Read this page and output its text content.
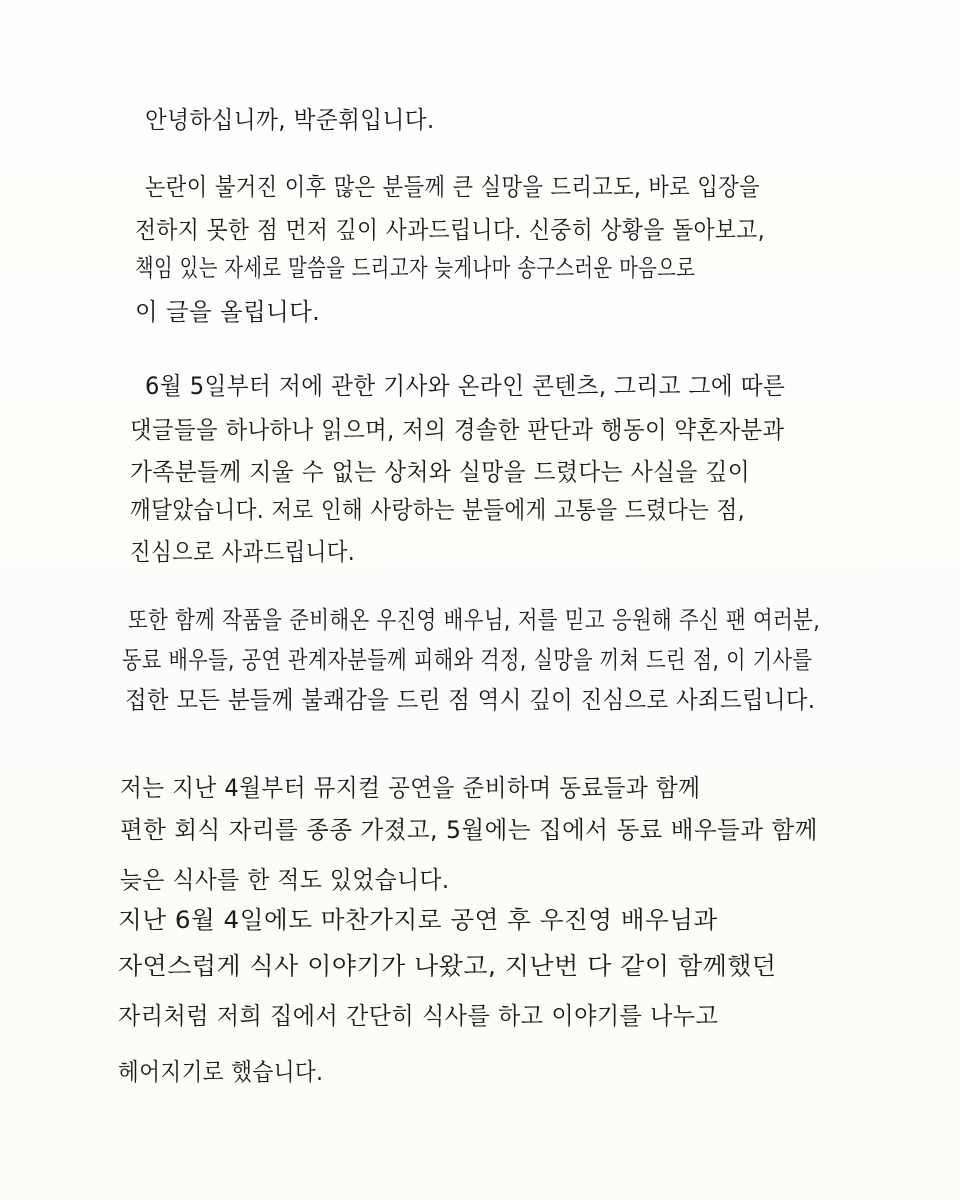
안녕하십니까, 박준휘입니다.
논란이 불거진 이후 많은 분들께 큰 실망을 드리고도, 바로 입장을
전하지 못한 점 먼저 깊이 사과드립니다. 신중히 상황을 돌아보고,
책임 있는 자세로 말씀을 드리고자 늦게나마 송구스러운 마음으로
이 글을 올립니다.
6월 5일부터 저에 관한 기사와 온라인 콘텐츠, 그리고 그에 따른
댓글들을 하나하나 읽으며, 저의 경솔한 판단과 행동이 약혼자분과
가족분들께 지울 수 없는 상처와 실망을 드렸다는 사실을 깊이
깨달았습니다. 저로 인해 사랑하는 분들에게 고통을 드렸다는 점,
진심으로 사과드립니다.
또한 함께 작품을 준비해온 우진영 배우님, 저를 믿고 응원해 주신 팬 여러분,
동료 배우들, 공연 관계자분들께 피해와 걱정, 실망을 끼쳐 드린 점, 이 기사를
접한 모든 분들께 불쾌감을 드린 점 역시 깊이 진심으로 사죄드립니다.
저는 지난 4월부터 뮤지컬 공연을 준비하며 동료들과 함께
편한 회식 자리를 종종 가졌고, 5월에는 집에서 동료 배우들과 함께
늦은 식사를 한 적도 있었습니다.
지난 6월 4일에도 마찬가지로 공연 후 우진영 배우님과
자연스럽게 식사 이야기가 나왔고, 지난번 다 같이 함께했던
자리처럼 저희 집에서 간단히 식사를 하고 이야기를 나누고
헤어지기로 했습니다.
